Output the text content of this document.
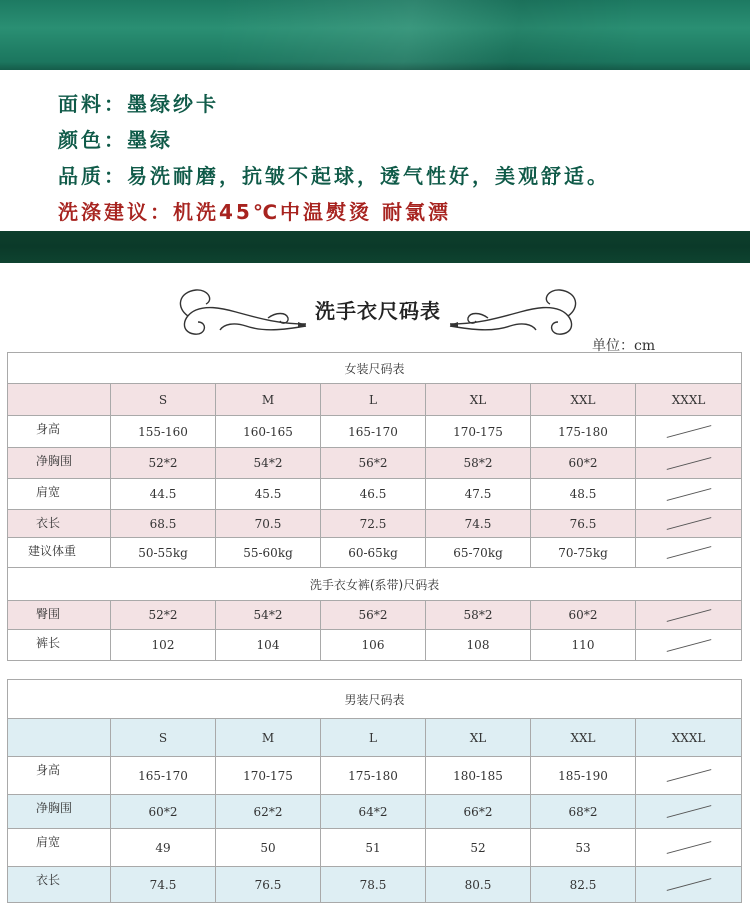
面料：墨绿纱卡
颜色：墨绿
品质：易洗耐磨，抗皱不起球，透气性好，美观舒适。
洗涤建议：机洗45℃中温熨烫 耐氯漂
洗手衣尺码表
单位：cm
女装尺码表						
	S	M	L	XL	XXL	XXXL
身高	155-160	160-165	165-170	170-175	175-180	

净胸围	52*2	54*2	56*2	58*2	60*2	

肩宽	44.5	45.5	46.5	47.5	48.5	

衣长	68.5	70.5	72.5	74.5	76.5	

建议体重	50-55kg	55-60kg	60-65kg	65-70kg	70-75kg	

洗手衣女裤(系带)尺码表						
臀围	52*2	54*2	56*2	58*2	60*2	

裤长	102	104	106	108	110	
男装尺码表						
	S	M	L	XL	XXL	XXXL
身高	165-170	170-175	175-180	180-185	185-190	

净胸围	60*2	62*2	64*2	66*2	68*2	

肩宽	49	50	51	52	53	

衣长	74.5	76.5	78.5	80.5	82.5	
